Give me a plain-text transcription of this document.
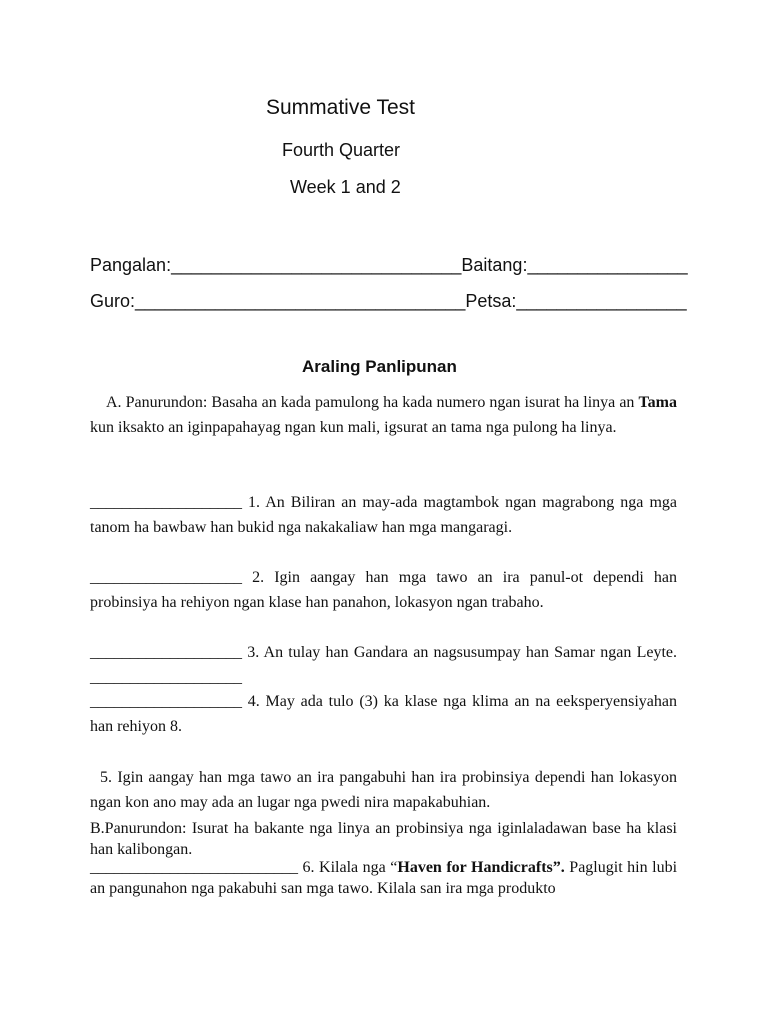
Summative Test
Fourth Quarter
Week 1 and 2
Pangalan:_____________________________Baitang:________________
Guro:_________________________________Petsa:_________________
Araling Panlipunan
A. Panurundon: Basaha an kada pamulong ha kada numero ngan isurat ha linya an Tama kun iksakto an iginpapahayag ngan kun mali, igsurat an tama nga pulong ha linya.
___________________ 1. An Biliran an may-ada magtambok ngan magrabong nga mga tanom ha bawbaw han bukid nga nakakaliaw han mga mangaragi.
___________________ 2. Igin aangay han mga tawo an ira panul-ot dependi han probinsiya ha rehiyon ngan klase han panahon, lokasyon ngan trabaho.
___________________ 3. An tulay han Gandara an nagsusumpay han Samar ngan Leyte. ___________________
___________________ 4. May ada tulo (3) ka klase nga klima an na eeksperyensiyahan han rehiyon 8.
5. Igin aangay han mga tawo an ira pangabuhi han ira probinsiya dependi han lokasyon ngan kon ano may ada an lugar nga pwedi nira mapakabuhian.
B.Panurundon: Isurat ha bakante nga linya an probinsiya nga iginlaladawan base ha klasi han kalibongan.
__________________________ 6. Kilala nga “Haven for Handicrafts”. Paglugit hin lubi an pangunahon nga pakabuhi san mga tawo. Kilala san ira mga produkto
